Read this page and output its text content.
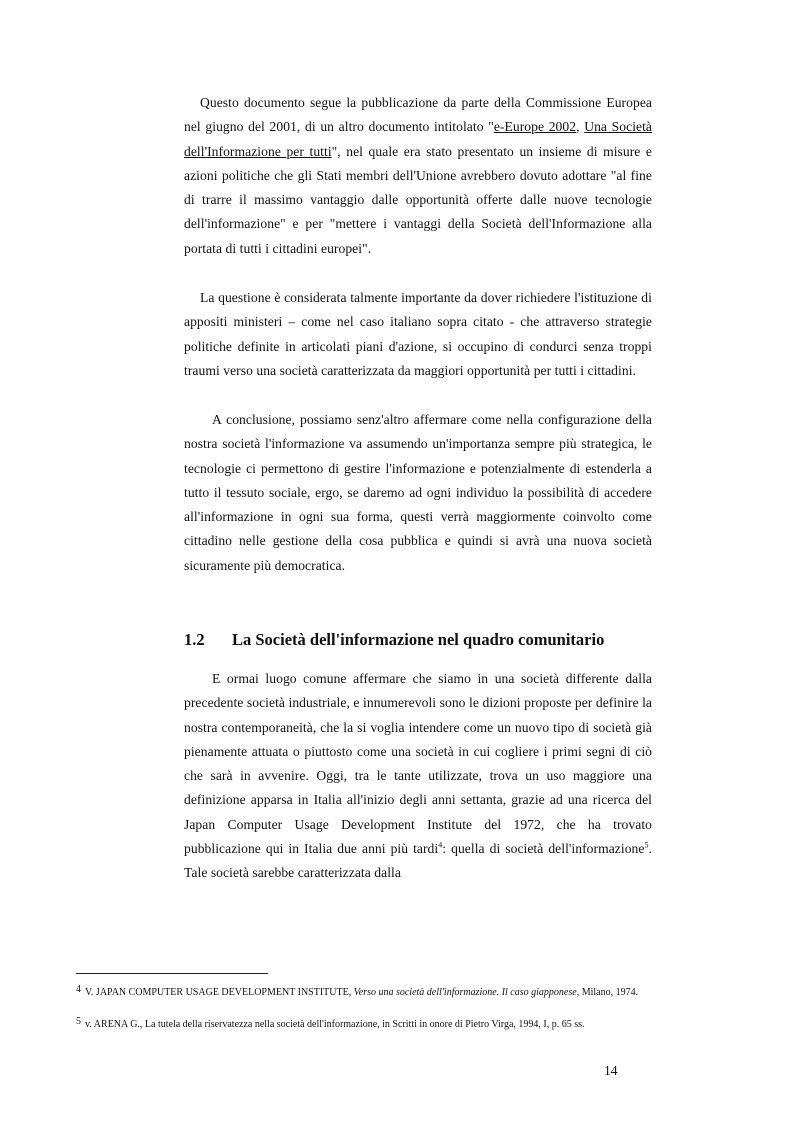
Questo documento segue la pubblicazione da parte della Commissione Europea nel giugno del 2001, di un altro documento intitolato "e-Europe 2002, Una Società dell'Informazione per tutti", nel quale era stato presentato un insieme di misure e azioni politiche che gli Stati membri dell'Unione avrebbero dovuto adottare "al fine di trarre il massimo vantaggio dalle opportunità offerte dalle nuove tecnologie dell'informazione" e per "mettere i vantaggi della Società dell'Informazione alla portata di tutti i cittadini europei".

La questione è considerata talmente importante da dover richiedere l'istituzione di appositi ministeri – come nel caso italiano sopra citato - che attraverso strategie politiche definite in articolati piani d'azione, si occupino di condurci senza troppi traumi verso una società caratterizzata da maggiori opportunità per tutti i cittadini.

A conclusione, possiamo senz'altro affermare come nella configurazione della nostra società l'informazione va assumendo un'importanza sempre più strategica, le tecnologie ci permettono di gestire l'informazione e potenzialmente di estenderla a tutto il tessuto sociale, ergo, se daremo ad ogni individuo la possibilità di accedere all'informazione in ogni sua forma, questi verrà maggiormente coinvolto come cittadino nelle gestione della cosa pubblica e quindi si avrà una nuova società sicuramente più democratica.

1.2 La Società dell'informazione nel quadro comunitario

E ormai luogo comune affermare che siamo in una società differente dalla precedente società industriale, e innumerevoli sono le dizioni proposte per definire la nostra contemporaneità, che la si voglia intendere come un nuovo tipo di società già pienamente attuata o piuttosto come una società in cui cogliere i primi segni di ciò che sarà in avvenire. Oggi, tra le tante utilizzate, trova un uso maggiore una definizione apparsa in Italia all'inizio degli anni settanta, grazie ad una ricerca del Japan Computer Usage Development Institute del 1972, che ha trovato pubblicazione qui in Italia due anni più tardi$^4$: quella di società dell'informazione$^5$. Tale società sarebbe caratterizzata dalla

4 V. JAPAN COMPUTER USAGE DEVELOPMENT INSTITUTE, Verso una società dell'informazione. Il caso giapponese, Milano, 1974.
5 v. ARENA G., La tutela della riservatezza nella società dell'informazione, in Scritti in onore di Pietro Virga, 1994, I, p. 65 ss.
14
